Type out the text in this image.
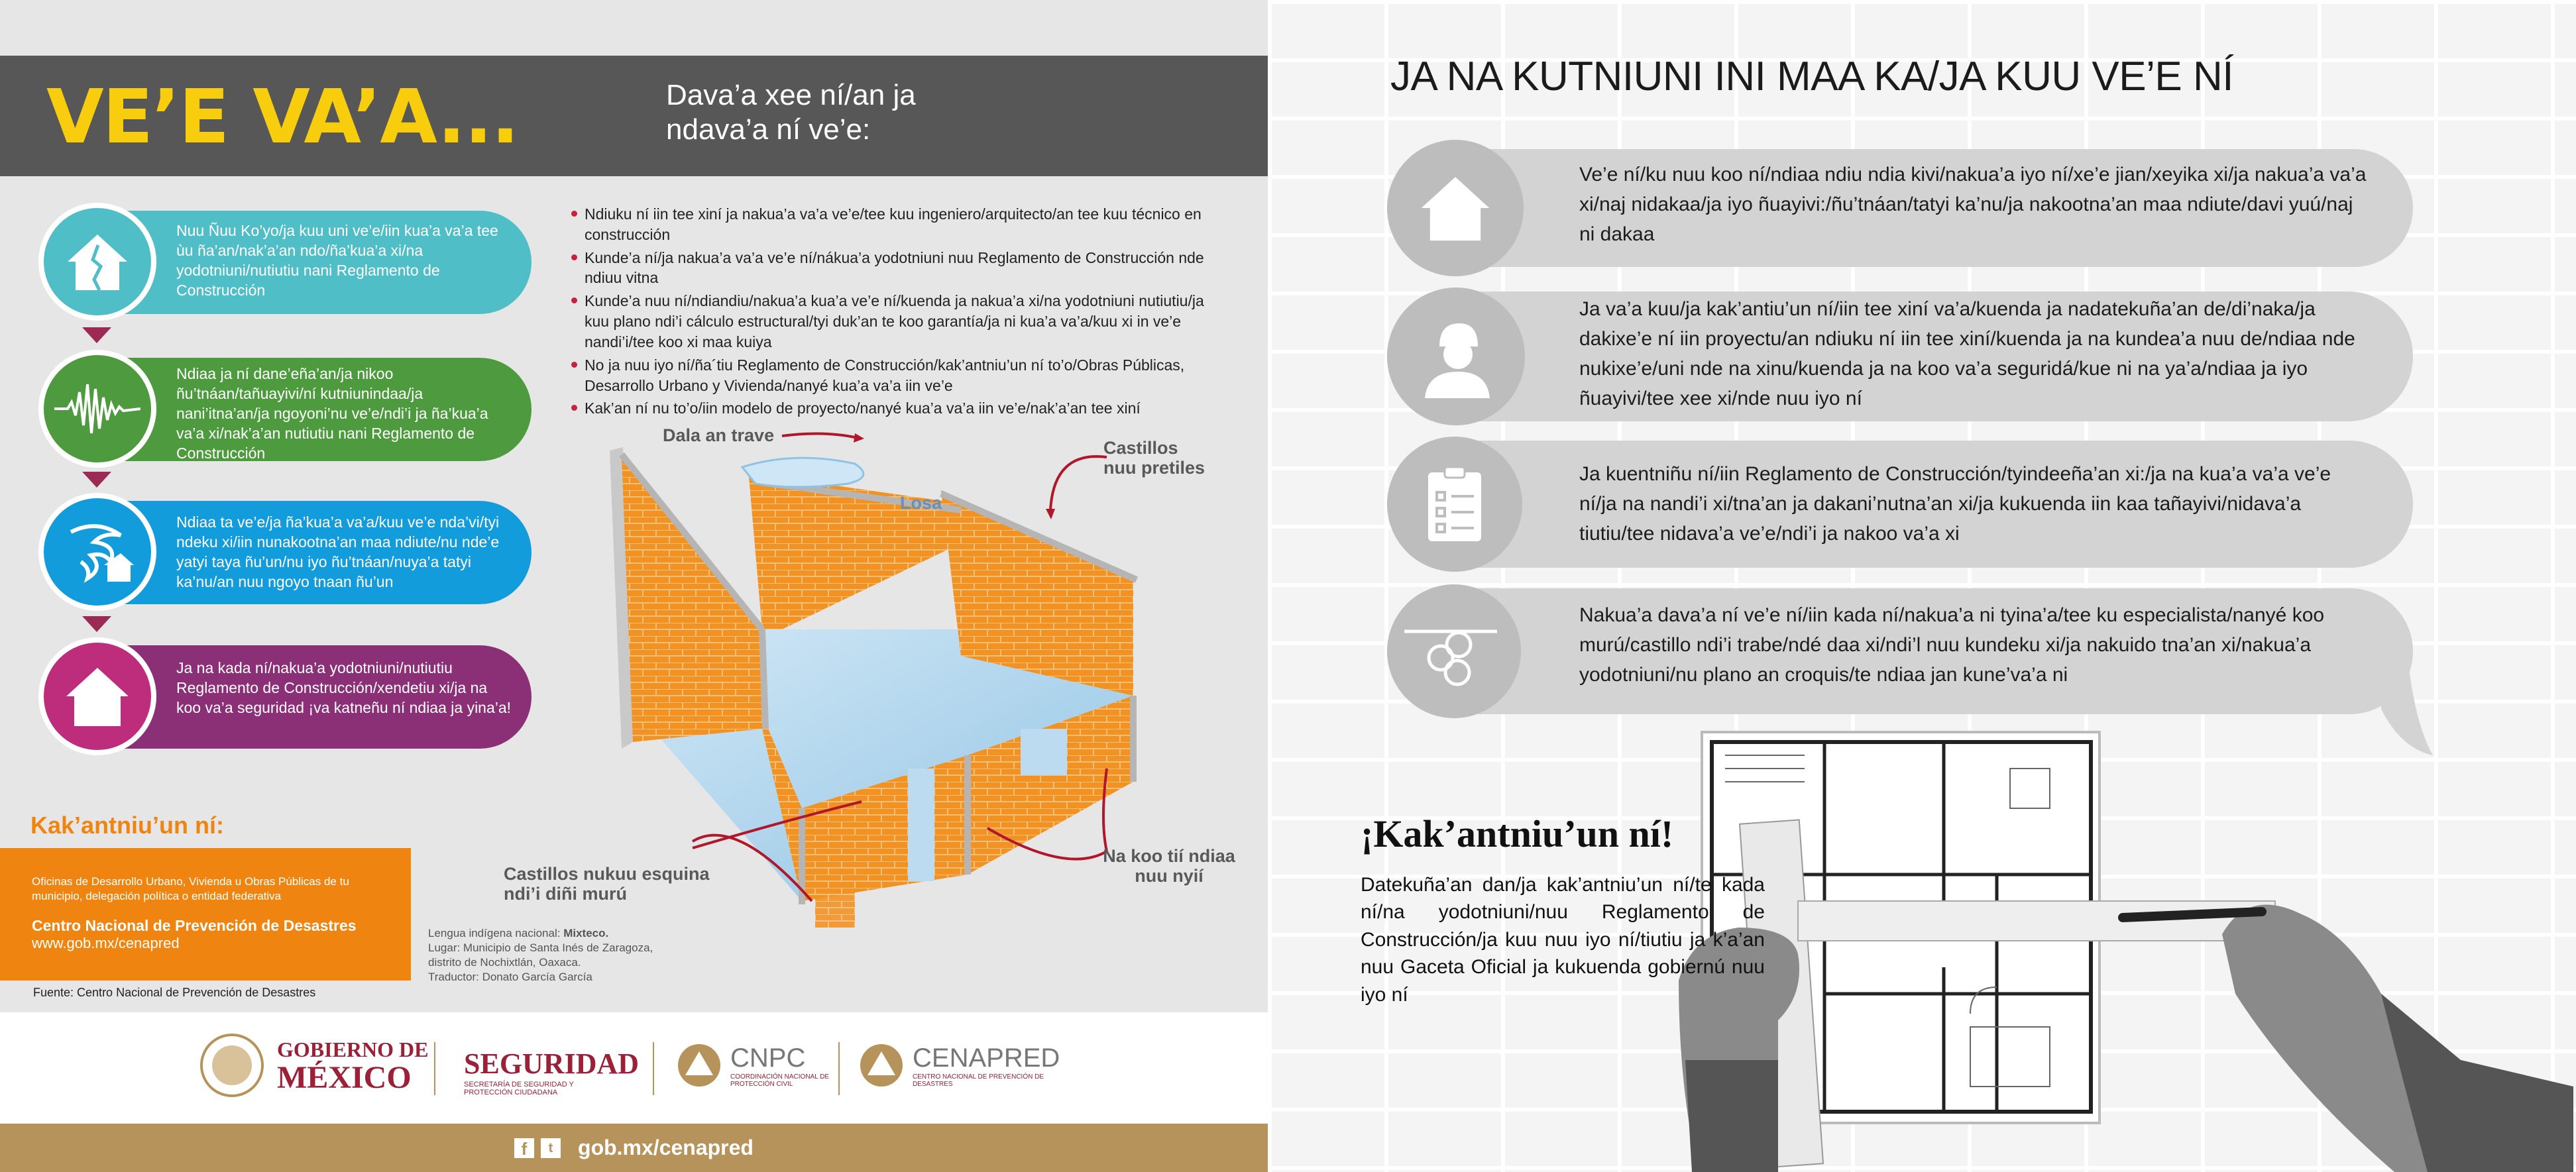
VE’E VA’A...	Dava’a xee ní/an ja ndava’a ní ve’e:
Nuu Ñuu Ko’yo/ja kuu uni ve’e/iin kua’a va’a tee ùu ña’an/nak’a’an ndo/ña’kua’a xi/na yodotniuni/nutiutiu nani Reglamento de Construcción
Ndiaa ja ní dane’eña’an/ja nikoo ñu’tnáan/tañuayivi/ní kutniunindaa/ja nani’itna’an/ja ngoyoni’nu ve’e/ndi’i ja ña’kua’a va’a xi/nak’a’an nutiutiu nani Reglamento de Construcción
Ndiaa ta ve’e/ja ña’kua’a va’a/kuu ve’e nda’vi/tyi ndeku xi/iin nunakootna’an maa ndiute/nu nde’e yatyi taya ñu’un/nu iyo ñu’tnáan/nuya’a tatyi ka’nu/an nuu ngoyo tnaan ñu’un
Ja na kada ní/nakua’a yodotniuni/nutiutiu Reglamento de Construcción/xendetiu xi/ja na koo va’a seguridad ¡va katneñu ní ndiaa ja yina’a!
Ndiuku ní iin tee xiní ja nakua’a va’a ve’e/tee kuu ingeniero/arquitecto/an tee kuu técnico en construcción
Kunde’a ní/ja nakua’a va’a ve’e ní/nákua’a yodotniuni nuu Reglamento de Construcción nde ndiuu vitna
Kunde’a nuu ní/ndiandiu/nakua’a kua’a ve’e ní/kuenda ja nakua’a xi/na yodotniuni nutiutiu/ja kuu plano ndi’i cálculo estructural/tyi duk’an te koo garantía/ja ni kua’a va’a/kuu xi in ve’e nandi’i/tee koo xi maa kuiya
No ja nuu iyo ní/ña´tiu Reglamento de Construcción/kak’antniu’un ní to’o/Obras Públicas, Desarrollo Urbano y Vivienda/nanyé kua’a va’a iin ve’e
Kak’an ní nu to’o/iin modelo de proyecto/nanyé kua’a va’a iin ve’e/nak’a’an tee xiní
Dala an trave
Losa
Castillos nuu pretiles
Castillos nukuu esquina ndi’i diñi murú
Na koo tií ndiaa nuu nyií
Kak’antniu’un ní:
Oficinas de Desarrollo Urbano, Vivienda u Obras Públicas de tu municipio, delegación política o entidad federativa
Centro Nacional de Prevención de Desastres
www.gob.mx/cenapred
Lengua indígena nacional: Mixteco.
Lugar: Municipio de Santa Inés de Zaragoza, distrito de Nochixtlán, Oaxaca.
Traductor: Donato García García
Fuente: Centro Nacional de Prevención de Desastres
GOBIERNO DE
MÉXICO	SEGURIDAD
SECRETARÍA DE SEGURIDAD Y PROTECCIÓN CIUDADANA
CNPC
COORDINACIÓN NACIONAL DE PROTECCIÓN CIVIL
CENAPRED
CENTRO NACIONAL DE PREVENCIÓN DE DESASTRES
f	t	gob.mx/cenapred
JA NA KUTNIUNI INI MAA KA/JA KUU VE’E NÍ
Ve’e ní/ku nuu koo ní/ndiaa ndiu ndia kivi/nakua’a iyo ní/xe’e jian/xeyika xi/ja nakua’a va’a xi/naj nidakaa/ja iyo ñuayivi:/ñu’tnáan/tatyi ka’nu/ja nakootna’an maa ndiute/davi yuú/naj ni dakaa
Ja va’a kuu/ja kak’antiu’un ní/iin tee xiní va’a/kuenda ja nadatekuña’an de/di’naka/ja dakixe’e ní iin proyectu/an ndiuku ní iin tee xiní/kuenda ja na kundea’a nuu de/ndiaa nde nukixe’e/uni nde na xinu/kuenda ja na koo va’a seguridá/kue ni na ya’a/ndiaa ja iyo ñuayivi/tee xee xi/nde nuu iyo ní
Ja kuentniñu ní/iin Reglamento de Construcción/tyindeeña’an xi:/ja na kua’a va’a ve’e ní/ja na nandi’i xi/tna’an ja dakani’nutna’an xi/ja kukuenda iin kaa tañayivi/nidava’a tiutiu/tee nidava’a ve’e/ndi’i ja nakoo va’a xi
Nakua’a dava’a ní ve’e ní/iin kada ní/nakua’a ni tyina’a/tee ku especialista/nanyé koo murú/castillo ndi’i trabe/ndé daa xi/ndi’l nuu kundeku xi/ja nakuido tna’an xi/nakua’a yodotniuni/nu plano an croquis/te ndiaa jan kune’va’a ni
¡Kak’antniu’un ní!
Datekuña’an dan/ja kak’antniu’un ní/te kada ní/na yodotniuni/nuu Reglamento de Construcción/ja kuu nuu iyo ní/tiutiu ja k’a’an nuu Gaceta Oficial ja kukuenda gobiernú nuu iyo ní
